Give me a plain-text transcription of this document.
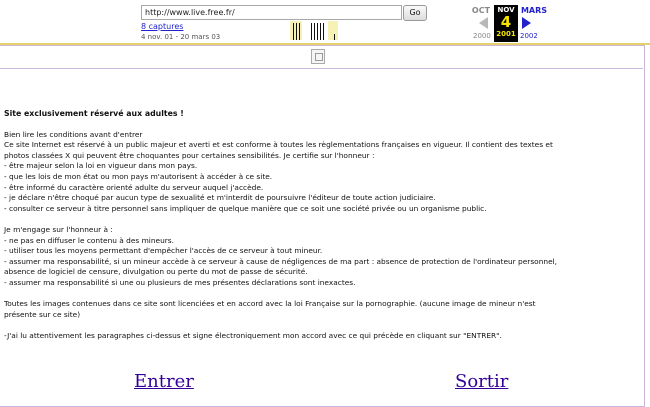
http://www.live.free.fr/	Go
8 captures
4 nov. 01 - 20 mars 03
OCT
2000
NOV
4
2001
MARS
2002

Site exclusivement réservé aux adultes !

Bien lire les conditions avant d'entrer

Ce site Internet est réservé à un public majeur et averti et est conforme à toutes les règlementations françaises en vigueur. Il contient des textes et

photos classées X qui peuvent être choquantes pour certaines sensibilités. Je certifie sur l'honneur :

- être majeur selon la loi en vigueur dans mon pays.

- que les lois de mon état ou mon pays m'autorisent à accéder à ce site.

- être informé du caractère orienté adulte du serveur auquel j'accède.

- je déclare n'être choqué par aucun type de sexualité et m'interdit de poursuivre l'éditeur de toute action judiciaire.

- consulter ce serveur à titre personnel sans impliquer de quelque manière que ce soit une société privée ou un organisme public.

Je m'engage sur l'honneur à :

- ne pas en diffuser le contenu à des mineurs.

- utiliser tous les moyens permettant d'empêcher l'accès de ce serveur à tout mineur.

- assumer ma responsabilité, si un mineur accède à ce serveur à cause de négligences de ma part : absence de protection de l'ordinateur personnel,

absence de logiciel de censure, divulgation ou perte du mot de passe de sécurité.

- assumer ma responsabilité si une ou plusieurs de mes présentes déclarations sont inexactes.

Toutes les images contenues dans ce site sont licenciées et en accord avec la loi Française sur la pornographie. (aucune image de mineur n'est

présente sur ce site)

-J'ai lu attentivement les paragraphes ci-dessus et signe électroniquement mon accord avec ce qui précède en cliquant sur "ENTRER".

Entrer	Sortir
